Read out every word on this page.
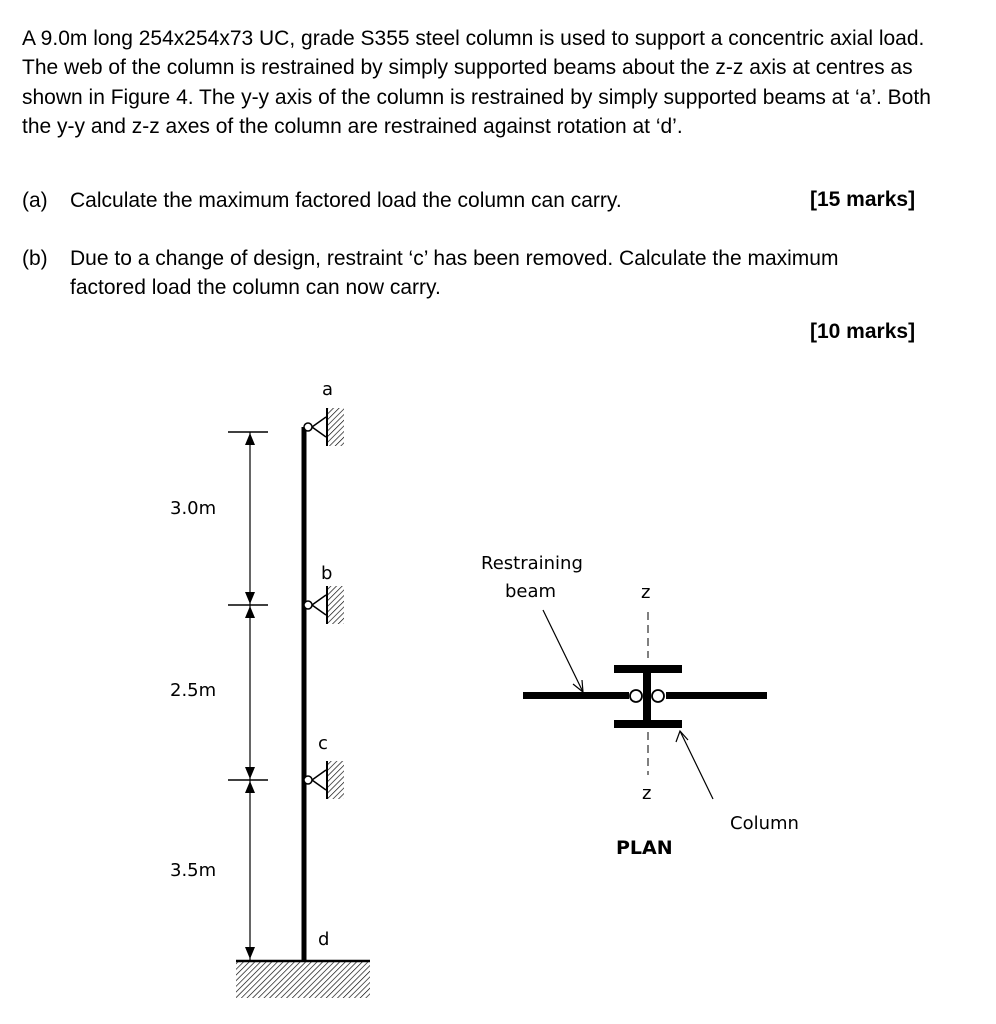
A 9.0m long 254x254x73 UC, grade S355 steel column is used to support a concentric axial load. The web of the column is restrained by simply supported beams about the z-z axis at centres as shown in Figure 4. The y-y axis of the column is restrained by simply supported beams at ‘a’. Both the y-y and z-z axes of the column are restrained against rotation at ‘d’.

(a) Calculate the maximum factored load the column can carry.	[15 marks]
(b) Due to a change of design, restraint ‘c’ has been removed. Calculate the maximum factored load the column can now carry.
[10 marks]
a
b
c
d
3.0m
2.5m
3.5m
Restraining
beam	z
z
Column
PLAN
